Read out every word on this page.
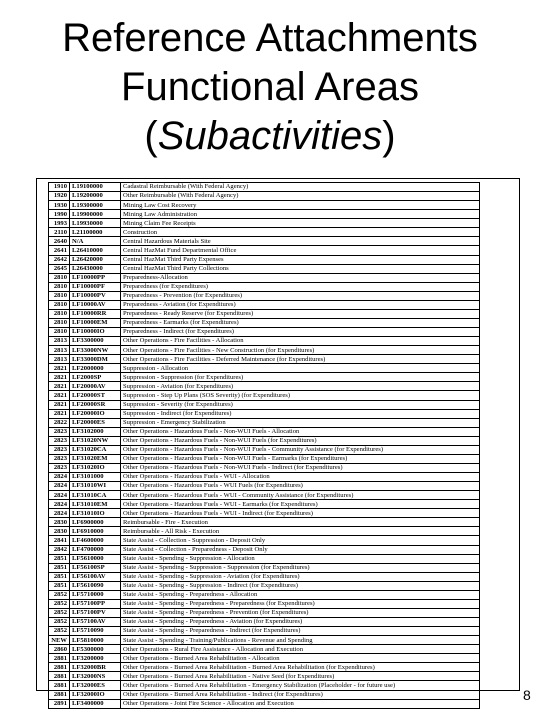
Reference Attachments
Functional Areas
(Subactivities)
1910	L19100000	Cadastral Reimbursable (With Federal Agency)
1920	L19200000	Other Reimbursable (With Federal Agency)
1930	L19300000	Mining Law Cost Recovery
1990	L19900000	Mining Law Administration
1993	L19930000	Mining Claim Fee Receipts
2110	L21100000	Construction
2640	N/A	Central Hazardous Materials Site
2641	L26410000	Central HazMat Fund Departmental Office
2642	L26420000	Central HazMat Third Party Expenses
2645	L26430000	Central HazMat Third Party Collections
2810	LF10000PP	Preparedness-Allocation
2810	LF10000PF	Preparedness (for Expenditures)
2810	LF10000PV	Preparedness - Prevention (for Expenditures)
2810	LF10000AV	Preparedness - Aviation (for Expenditures)
2810	LF10000RR	Preparedness - Ready Reserve (for Expenditures)
2810	LF10000EM	Preparedness - Earmarks (for Expenditures)
2810	LF10000IO	Preparedness - Indirect (for Expenditures)
2813	LF3300000	Other Operations - Fire Facilities - Allocation
2813	LF33000NW	Other Operations - Fire Facilities - New Construction (for Expenditures)
2813	LF33000DM	Other Operations - Fire Facilities - Deferred Maintenance (for Expenditures)
2821	LF2000000	Suppression - Allocation
2821	LF2000SP	Suppression - Suppression (for Expenditures)
2821	LF20000AV	Suppression - Aviation (for Expenditures)
2821	LF20000ST	Suppression - Step Up Plans (SOS Severity) (for Expenditures)
2821	LF20000SR	Suppression - Severity (for Expenditures)
2821	LF20000IO	Suppression - Indirect (for Expenditures)
2822	LF20000ES	Suppression - Emergency Stabilization
2823	LF3102000	Other Operations - Hazardous Fuels - Non-WUI Fuels - Allocation
2823	LF31020NW	Other Operations - Hazardous Fuels - Non-WUI Fuels (for Expenditures)
2823	LF31020CA	Other Operations - Hazardous Fuels - Non-WUI Fuels - Community Assistance (for Expenditures)
2823	LF31020EM	Other Operations - Hazardous Fuels - Non-WUI Fuels - Earmarks (for Expenditures)
2823	LF31020IO	Other Operations - Hazardous Fuels - Non-WUI Fuels - Indirect (for Expenditures)
2824	LF3101000	Other Operations - Hazardous Fuels - WUI - Allocation
2824	LF31010WI	Other Operations - Hazardous Fuels - WUI Fuels (for Expenditures)
2824	LF31010CA	Other Operations - Hazardous Fuels - WUI - Community Assistance (for Expenditures)
2824	LF31010EM	Other Operations - Hazardous Fuels - WUI - Earmarks (for Expenditures)
2824	LF31010IO	Other Operations - Hazardous Fuels - WUI - Indirect (for Expenditures)
2830	LF6900000	Reimbursable - Fire - Execution
2830	LF6910000	Reimbursable - All Risk - Execution
2841	LF4600000	State Assist - Collection - Suppression - Deposit Only
2842	LF4700000	State Assist - Collection - Preparedness - Deposit Only
2851	LF5610000	State Assist - Spending - Suppression - Allocation
2851	LF56100SP	State Assist - Spending - Suppression - Suppression (for Expenditures)
2851	LF56100AV	State Assist - Spending - Suppression - Aviation (for Expenditures)
2851	LF5610090	State Assist - Spending - Suppression - Indirect (for Expenditures)
2852	LF5710000	State Assist - Spending - Preparedness - Allocation
2852	LF57100PP	State Assist - Spending - Preparedness - Preparedness (for Expenditures)
2852	LF57100PV	State Assist - Spending - Preparedness - Prevention (for Expenditures)
2852	LF57100AV	State Assist - Spending - Preparedness - Aviation (for Expenditures)
2852	LF5710090	State Assist - Spending - Preparedness - Indirect (for Expenditures)
NEW	LF5810000	State Assist - Spending - Training/Publications - Revenue and Spending
2860	LF5300000	Other Operations - Rural Fire Assistance - Allocation and Execution
2881	LF3200000	Other Operations - Burned Area Rehabilitation - Allocation
2881	LF32000BR	Other Operations - Burned Area Rehabilitation - Burned Area Rehabilitation (for Expenditures)
2881	LF32000NS	Other Operations - Burned Area Rehabilitation - Native Seed (for Expenditures)
2881	LF32000ES	Other Operations - Burned Area Rehabilitation - Emergency Stabilization (Placeholder - for future use)
2881	LF32000IO	Other Operations - Burned Area Rehabilitation - Indirect (for Expenditures)
2891	LF3400000	Other Operations - Joint Fire Science - Allocation and Execution
8
